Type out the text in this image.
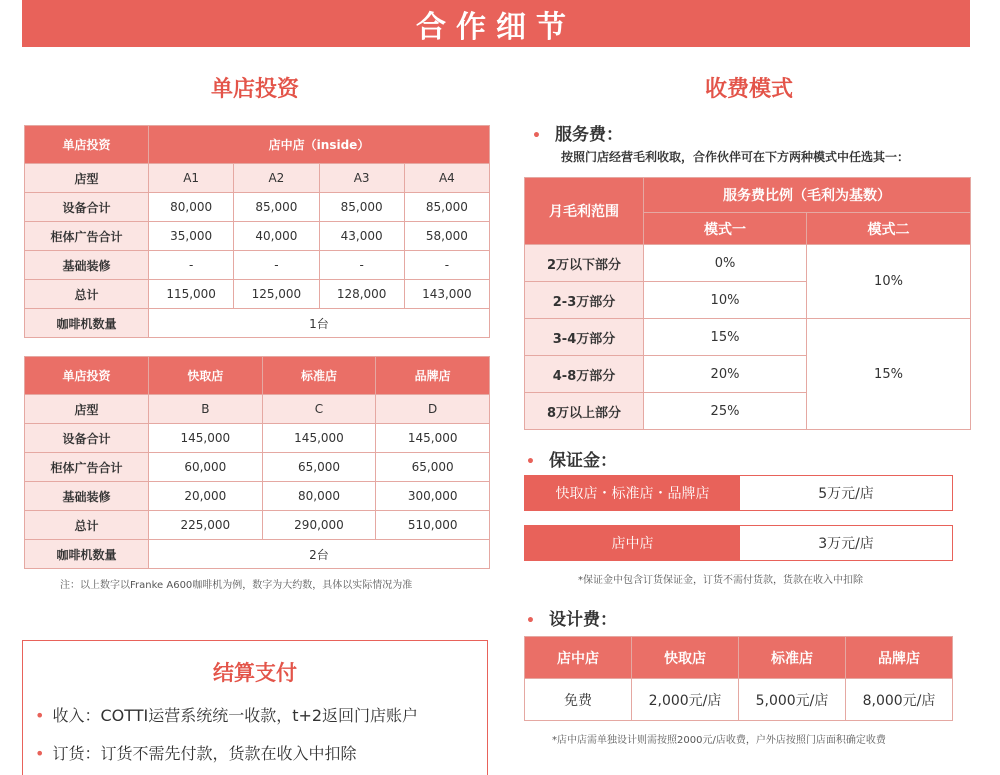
合作细节
单店投资	收费模式
单店投资	店中店（inside）			
店型	A1	A2	A3	A4
设备合计	80,000	85,000	85,000	85,000
柜体广告合计	35,000	40,000	43,000	58,000
基础装修	-	-	-	-
总计	115,000	125,000	128,000	143,000
咖啡机数量	1台			
单店投资	快取店	标准店	品牌店
店型	B	C	D
设备合计	145,000	145,000	145,000
柜体广告合计	60,000	65,000	65,000
基础装修	20,000	80,000	300,000
总计	225,000	290,000	510,000
咖啡机数量	2台		
注：以上数字以Franke A600咖啡机为例，数字为大约数，具体以实际情况为准
结算支付
• 收入：COTTI运营系统统一收款，t+2返回门店账户
• 订货：订货不需先付款，货款在收入中扣除
• 服务费：
按照门店经营毛利收取，合作伙伴可在下方两种模式中任选其一：
月毛利范围	服务费比例（毛利为基数）	
	模式一	模式二
2万以下部分	0%	10%
2-3万部分	10%	
3-4万部分	15%	15%
4-8万部分	20%	
8万以上部分	25%	
• 保证金：
快取店・标准店・品牌店	5万元/店
店中店	3万元/店
*保证金中包含订货保证金，订货不需付货款，货款在收入中扣除
• 设计费：
店中店	快取店	标准店	品牌店
免费	2,000元/店	5,000元/店	8,000元/店
*店中店需单独设计则需按照2000元/店收费，户外店按照门店面积确定收费
